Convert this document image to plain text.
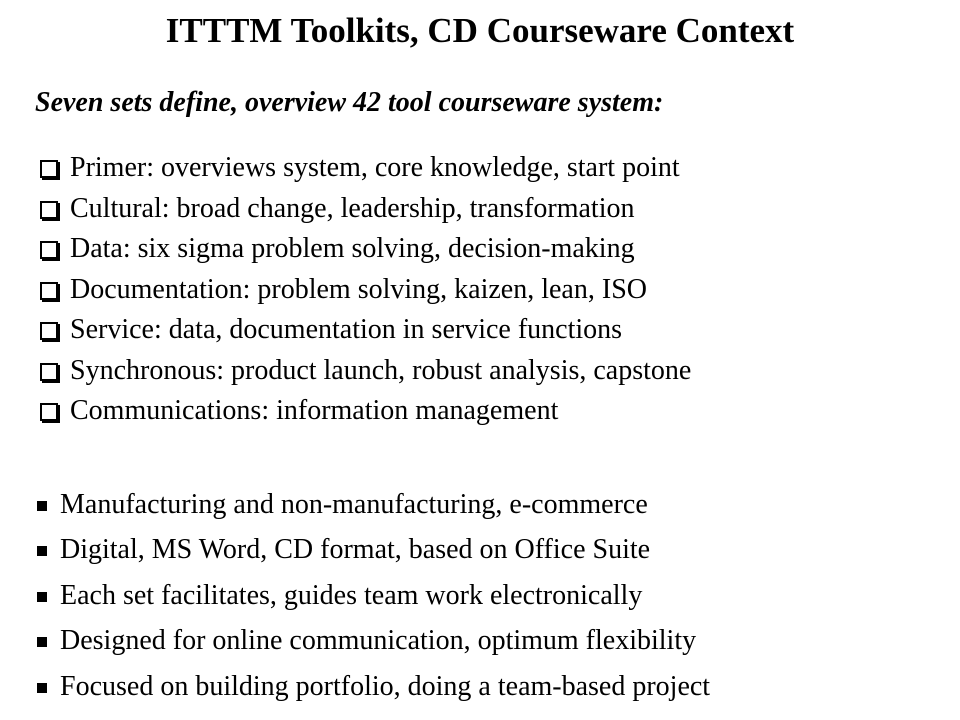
ITTTM Toolkits, CD Courseware Context
Seven sets define, overview 42 tool courseware system:
Primer: overviews system, core knowledge, start point
Cultural: broad change, leadership, transformation
Data: six sigma problem solving, decision-making
Documentation: problem solving, kaizen, lean, ISO
Service: data, documentation in service functions
Synchronous: product launch, robust analysis, capstone
Communications: information management
Manufacturing and non-manufacturing, e-commerce
Digital, MS Word, CD format, based on Office Suite
Each set facilitates, guides team work electronically
Designed for online communication, optimum flexibility
Focused on building portfolio, doing a team-based project
